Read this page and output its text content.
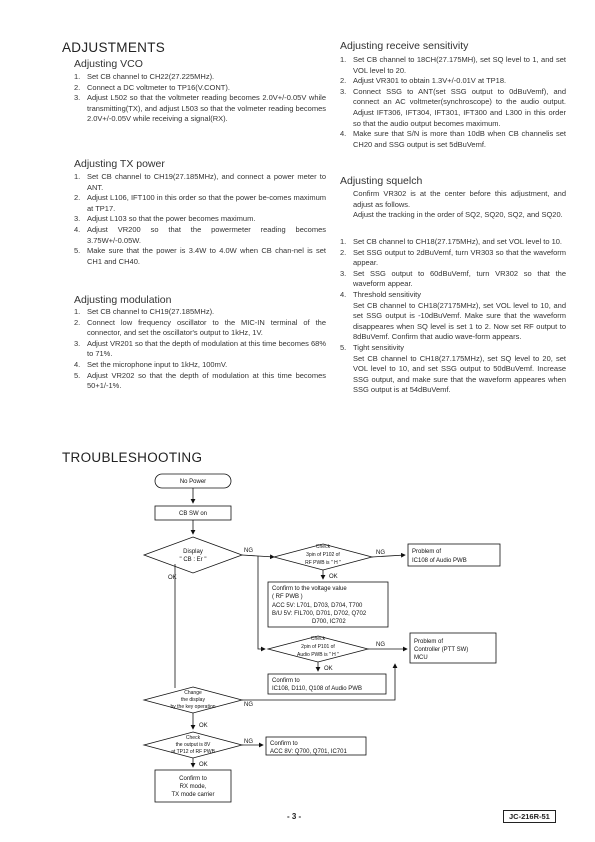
ADJUSTMENTS
Adjusting VCO
1. Set CB channel to CH22(27.225MHz).
2. Connect a DC voltmeter to TP16(V.CONT).
3. Adjust L502 so that the voltmeter reading becomes 2.0V+/-0.05V while transmitting(TX), and adjust L503 so that the volmeter reading becomes 2.0V+/-0.05V while receiving a signal(RX).
Adjusting TX power
1. Set CB channel to CH19(27.185MHz), and connect a power meter to ANT.
2. Adjust L106, IFT100 in this order so that the power be-comes maximum at TP17.
3. Adjust L103 so that the power becomes maximum.
4. Adjust VR200 so that the powermeter reading becomes 3.75W+/-0.05W.
5. Make sure that the power is 3.4W to 4.0W when CB chan-nel is set CH1 and CH40.
Adjusting modulation
1. Set CB channel to CH19(27.185MHz).
2. Connect low frequency oscillator to the MIC-IN terminal of the connector, and set the oscillator's output to 1kHz, 1V.
3. Adjust VR201 so that the depth of modulation at this time becomes 68% to 71%.
4. Set the microphone input to 1kHz, 100mV.
5. Adjust VR202 so that the depth of modulation at this time becomes 50+1/-1%.
Adjusting receive sensitivity
1. Set CB channel to 18CH(27.175MH), set SQ level to 1, and set VOL level to 20.
2. Adjust VR301 to obtain 1.3V+/-0.01V at TP18.
3. Connect SSG to ANT(set SSG output to 0dBuVemf), and connect an AC voltmeter(synchroscope) to the audio output. Adjust IFT306, IFT304, IFT301, IFT300 and L300 in this order so that the audio output becomes maximum.
4. Make sure that S/N is more than 10dB when CB channelis set CH20 and SSG output is set 5dBuVemf.
Adjusting squelch

Confirm VR302 is at the center before this adjustment, and adjust as follows.

Adjust the tracking in the order of SQ2, SQ20, SQ2, and SQ20.

1. Set CB channel to CH18(27.175MHz), and set VOL level to 10.
2. Set SSG output to 2dBuVemf, turn VR303 so that the waveform appear.
3. Set SSG output to 60dBuVemf, turn VR302 so that the waveform appear.
4. Threshold sensitivity
Set CB channel to CH18(27175MHz), set VOL level to 10, and set SSG output is -10dBuVemf. Make sure that the waveform disappeares when SQ level is set 1 to 2. Now set RF output to 8dBuVemf. Confirm that audio wave-form appears.
5. Tight sensitivity
Set CB channel to CH18(27.175MHz), set SQ level to 20, set VOL level to 10, and set SSG output to 50dBuVemf. Increase SSG output, and make sure that the waveform appeares when SSG output is at 54dBuVemf.
TROUBLESHOOTING
No Power
CB SW on
Display
" CB : Er "
Check
3pin of P102 of
RF PWB is " H "
Check
2pin of P101 of
Audio PWB is " H "
Change
the display
by the key operation
Check
the output is 8V
at TP12 of RF PWB
Confirm to
RX mode,
TX mode carrier
Problem of
IC108 of Audio PWB
Confirm to the voltage value
( RF PWB )
ACC 5V: L701, D703, D704, T700
B/U 5V: FIL700, D701, D702, Q702
D700, IC702
Problem of
Controller (PTT SW)
MCU
Confirm to
IC108, D110, Q108 of Audio PWB
Confirm to
ACC 8V: Q700, Q701, IC701
NG
OK
NG
OK
NG
OK
NG
OK
NG
OK
- 3 -	JC-216R-51
